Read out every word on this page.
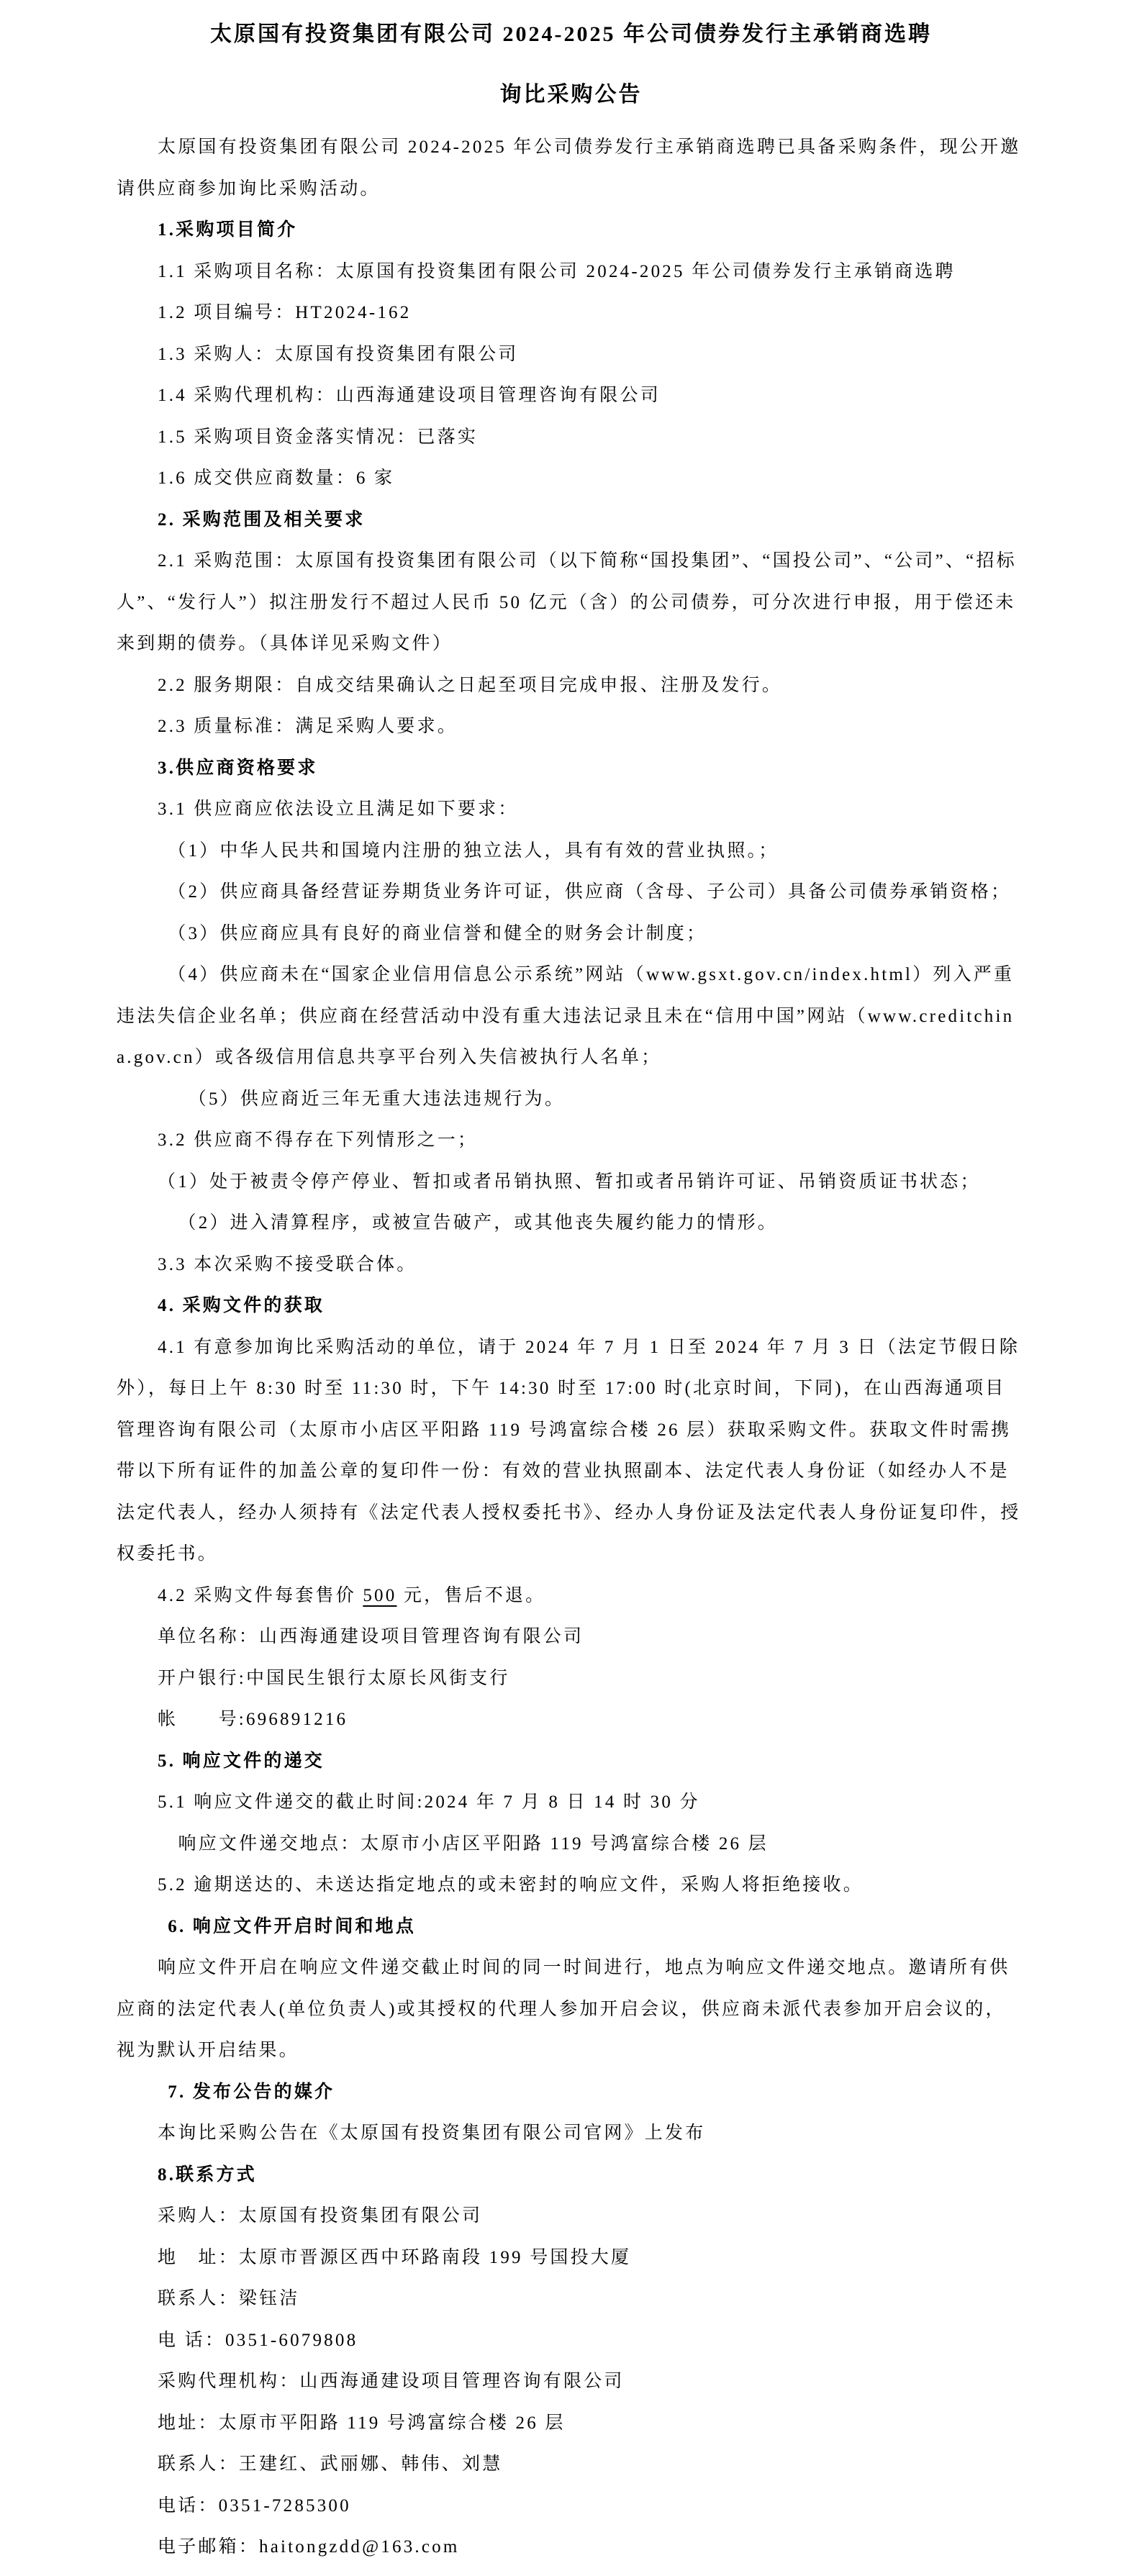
太原国有投资集团有限公司 2024-2025 年公司债券发行主承销商选聘
询比采购公告
太原国有投资集团有限公司 2024-2025 年公司债券发行主承销商选聘已具备采购条件，现公开邀请供应商参加询比采购活动。
1.采购项目简介
1.1 采购项目名称：太原国有投资集团有限公司 2024-2025 年公司债券发行主承销商选聘
1.2 项目编号：HT2024-162
1.3 采购人：太原国有投资集团有限公司
1.4 采购代理机构：山西海通建设项目管理咨询有限公司
1.5 采购项目资金落实情况：已落实
1.6 成交供应商数量：6 家
2. 采购范围及相关要求
2.1 采购范围：太原国有投资集团有限公司（以下简称“国投集团”、“国投公司”、“公司”、“招标人”、“发行人”）拟注册发行不超过人民币 50 亿元（含）的公司债券，可分次进行申报，用于偿还未来到期的债券。（具体详见采购文件）
2.2 服务期限：自成交结果确认之日起至项目完成申报、注册及发行。
2.3 质量标准：满足采购人要求。
3.供应商资格要求
3.1 供应商应依法设立且满足如下要求：
（1）中华人民共和国境内注册的独立法人，具有有效的营业执照。；
（2）供应商具备经营证券期货业务许可证，供应商（含母、子公司）具备公司债券承销资格；
（3）供应商应具有良好的商业信誉和健全的财务会计制度；
（4）供应商未在“国家企业信用信息公示系统”网站（www.gsxt.gov.cn/index.html）列入严重违法失信企业名单；供应商在经营活动中没有重大违法记录且未在“信用中国”网站（www.creditchina.gov.cn）或各级信用信息共享平台列入失信被执行人名单；
（5）供应商近三年无重大违法违规行为。
3.2 供应商不得存在下列情形之一；
（1）处于被责令停产停业、暂扣或者吊销执照、暂扣或者吊销许可证、吊销资质证书状态；
（2）进入清算程序，或被宣告破产，或其他丧失履约能力的情形。
3.3 本次采购不接受联合体。
4. 采购文件的获取
4.1 有意参加询比采购活动的单位，请于 2024 年 7 月 1 日至 2024 年 7 月 3 日（法定节假日除外），每日上午 8:30 时至 11:30 时，下午 14:30 时至 17:00 时(北京时间，下同)，在山西海通项目管理咨询有限公司（太原市小店区平阳路 119 号鸿富综合楼 26 层）获取采购文件。获取文件时需携带以下所有证件的加盖公章的复印件一份：有效的营业执照副本、法定代表人身份证（如经办人不是法定代表人，经办人须持有《法定代表人授权委托书》、经办人身份证及法定代表人身份证复印件，授权委托书。
4.2 采购文件每套售价 500 元，售后不退。
单位名称：山西海通建设项目管理咨询有限公司
开户银行:中国民生银行太原长风街支行
帐　　号:696891216
5. 响应文件的递交
5.1 响应文件递交的截止时间:2024 年 7 月 8 日 14 时 30 分
响应文件递交地点：太原市小店区平阳路 119 号鸿富综合楼 26 层
5.2 逾期送达的、未送达指定地点的或未密封的响应文件，采购人将拒绝接收。
6. 响应文件开启时间和地点
响应文件开启在响应文件递交截止时间的同一时间进行，地点为响应文件递交地点。邀请所有供应商的法定代表人(单位负责人)或其授权的代理人参加开启会议，供应商未派代表参加开启会议的，视为默认开启结果。
7. 发布公告的媒介
本询比采购公告在《太原国有投资集团有限公司官网》上发布
8.联系方式
采购人：太原国有投资集团有限公司
地　址：太原市晋源区西中环路南段 199 号国投大厦
联系人：梁钰洁
电 话：0351-6079808
采购代理机构：山西海通建设项目管理咨询有限公司
地址：太原市平阳路 119 号鸿富综合楼 26 层
联系人：王建红、武丽娜、韩伟、刘慧
电话：0351-7285300
电子邮箱：haitongzdd@163.com
